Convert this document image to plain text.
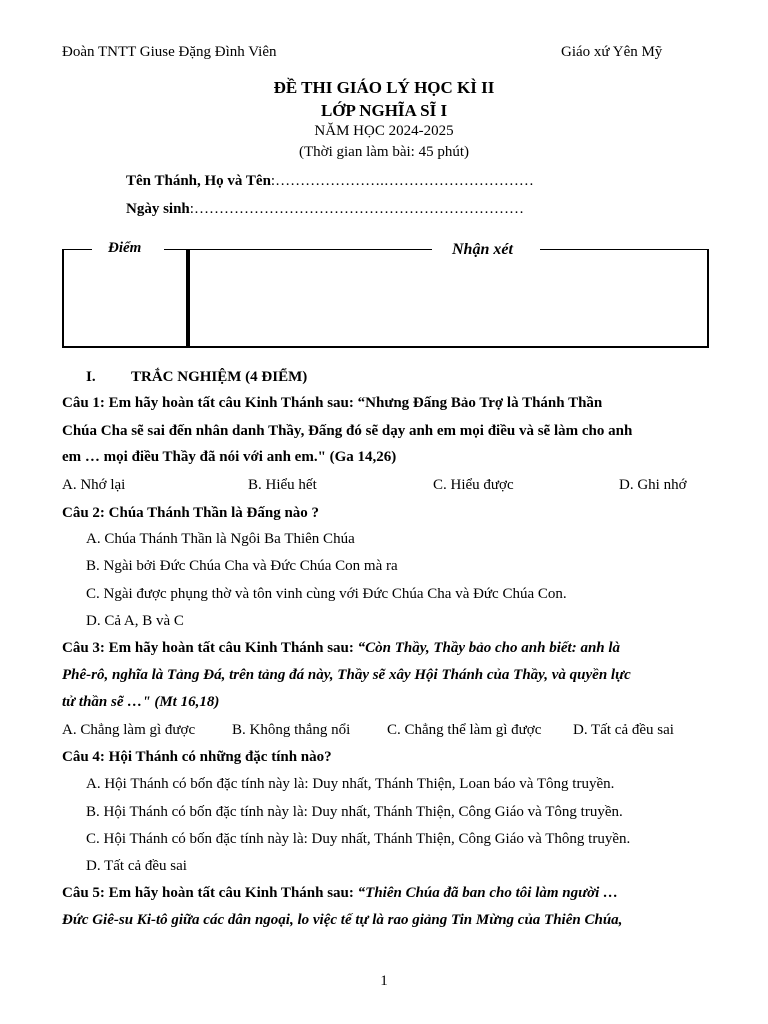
Đoàn TNTT Giuse Đặng Đình Viên	Giáo xứ Yên Mỹ
ĐỀ THI GIÁO LÝ HỌC KÌ II
LỚP NGHĨA SĨ I
NĂM HỌC 2024-2025
(Thời gian làm bài: 45 phút)
Tên Thánh, Họ và Tên:………………….…………………………
Ngày sinh:…………………………………………………………
Điểm	Nhận xét
I. TRẮC NGHIỆM (4 ĐIỂM)
Câu 1: Em hãy hoàn tất câu Kinh Thánh sau: “Nhưng Đấng Bảo Trợ là Thánh Thần
Chúa Cha sẽ sai đến nhân danh Thầy, Đấng đó sẽ dạy anh em mọi điều và sẽ làm cho anh
em … mọi điều Thầy đã nói với anh em." (Ga 14,26)
A. Nhớ lại	B. Hiểu hết	C. Hiểu được	D. Ghi nhớ
Câu 2: Chúa Thánh Thần là Đấng nào ?
A. Chúa Thánh Thần là Ngôi Ba Thiên Chúa
B. Ngài bởi Đức Chúa Cha và Đức Chúa Con mà ra
C. Ngài được phụng thờ và tôn vinh cùng với Đức Chúa Cha và Đức Chúa Con.
D. Cả A, B và C
Câu 3: Em hãy hoàn tất câu Kinh Thánh sau: “Còn Thầy, Thầy bảo cho anh biết: anh là
Phê-rô, nghĩa là Tảng Đá, trên tảng đá này, Thầy sẽ xây Hội Thánh của Thầy, và quyền lực
tử thần sẽ …" (Mt 16,18)
A. Chẳng làm gì được B. Không thắng nổi C. Chẳng thể làm gì được D. Tất cả đều sai
Câu 4: Hội Thánh có những đặc tính nào?
A. Hội Thánh có bốn đặc tính này là: Duy nhất, Thánh Thiện, Loan báo và Tông truyền.
B. Hội Thánh có bốn đặc tính này là: Duy nhất, Thánh Thiện, Công Giáo và Tông truyền.
C. Hội Thánh có bốn đặc tính này là: Duy nhất, Thánh Thiện, Công Giáo và Thông truyền.
D. Tất cả đều sai
Câu 5: Em hãy hoàn tất câu Kinh Thánh sau: “Thiên Chúa đã ban cho tôi làm người …
Đức Giê-su Ki-tô giữa các dân ngoại, lo việc tế tự là rao giảng Tin Mừng của Thiên Chúa,
1
